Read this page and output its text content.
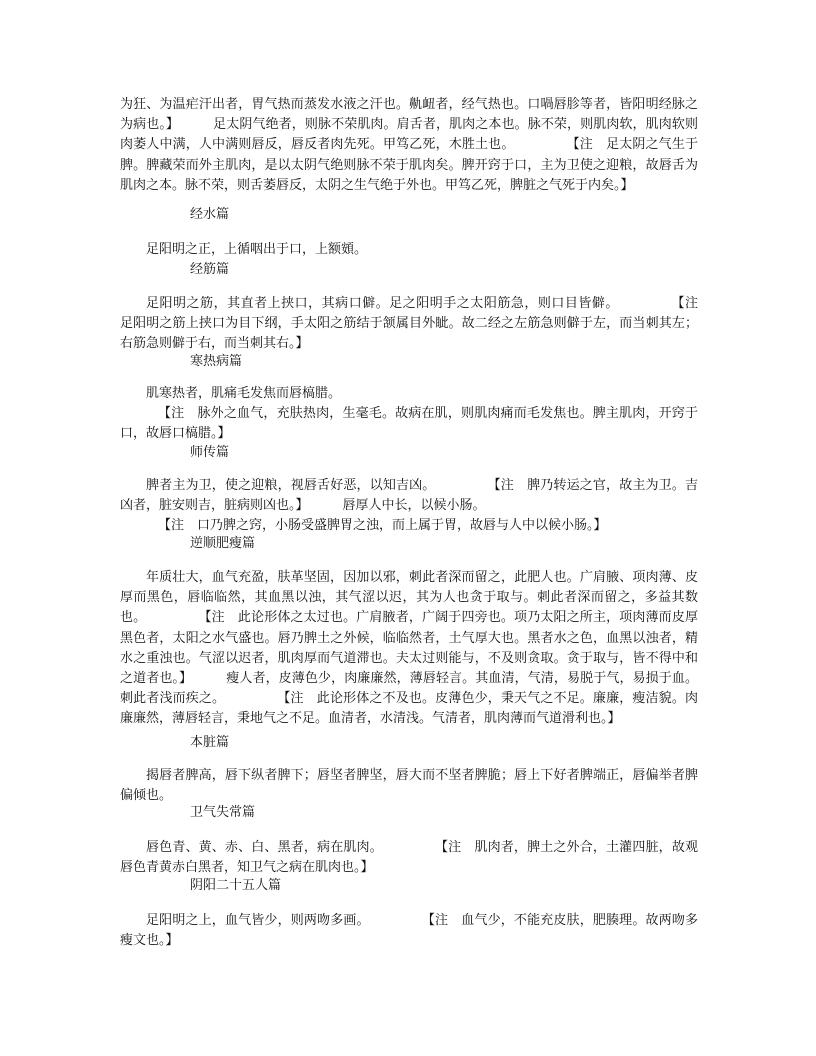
为狂、为温疟汗出者，胃气热而蒸发水液之汗也。鼽衄者，经气热也。口喎唇胗等者，皆阳明经脉之为病也。】	足太阴气绝者，则脉不荣肌肉。肩舌者，肌肉之本也。脉不荣，则肌肉软，肌肉软则肉萎人中满，人中满则唇反，唇反者肉先死。甲笃乙死，木胜土也。	【注　足太阴之气生于脾。脾藏荣而外主肌肉，是以太阴气绝则脉不荣于肌肉矣。脾开窍于口，主为卫使之迎粮，故唇舌为肌肉之本。脉不荣，则舌萎唇反，太阴之生气绝于外也。甲笃乙死，脾脏之气死于内矣。】

经水篇

足阳明之正，上循咽出于口，上额頞。

经筋篇

足阳明之筋，其直者上挟口，其病口僻。足之阳明手之太阳筋急，则口目皆僻。	【注　足阳明之筋上挟口为目下纲，手太阳之筋结于颔属目外眦。故二经之左筋急则僻于左，而当刺其左；右筋急则僻于右，而当刺其右。】

寒热病篇

肌寒热者，肌痛毛发焦而唇槁腊。

【注　脉外之血气，充肤热肉，生毫毛。故病在肌，则肌肉痛而毛发焦也。脾主肌肉，开窍于口，故唇口槁腊。】

师传篇

脾者主为卫，使之迎粮，视唇舌好恶，以知吉凶。	【注　脾乃转运之官，故主为卫。吉凶者，脏安则吉，脏病则凶也。】	唇厚人中长，以候小肠。

【注　口乃脾之窍，小肠受盛脾胃之浊，而上属于胃，故唇与人中以候小肠。】

逆顺肥瘦篇

年质壮大，血气充盈，肤革坚固，因加以邪，刺此者深而留之，此肥人也。广肩腋、项肉薄、皮厚而黑色，唇临临然，其血黑以浊，其气涩以迟，其为人也贪于取与。刺此者深而留之，多益其数也。	【注　此论形体之太过也。广肩腋者，广阔于四旁也。项乃太阳之所主，项肉薄而皮厚黑色者，太阳之水气盛也。唇乃脾土之外候，临临然者，土气厚大也。黑者水之色，血黑以浊者，精水之重浊也。气涩以迟者，肌肉厚而气道滞也。夫太过则能与，不及则贪取。贪于取与，皆不得中和之道者也。】	瘦人者，皮薄色少，肉廉廉然，薄唇轻言。其血清，气清，易脱于气，易损于血。刺此者浅而疾之。	【注　此论形体之不及也。皮薄色少，秉天气之不足。廉廉，瘦洁貌。肉廉廉然，薄唇轻言，秉地气之不足。血清者，水清浅。气清者，肌肉薄而气道滑利也。】

本脏篇

揭唇者脾高，唇下纵者脾下；唇坚者脾坚，唇大而不坚者脾脆；唇上下好者脾端正，唇偏举者脾偏倾也。

卫气失常篇

唇色青、黄、赤、白、黑者，病在肌肉。	【注　肌肉者，脾土之外合，土灌四脏，故观唇色青黄赤白黑者，知卫气之病在肌肉也。】

阴阳二十五人篇

足阳明之上，血气皆少，则两吻多画。	【注　血气少，不能充皮肤，肥腠理。故两吻多瘦文也。】
